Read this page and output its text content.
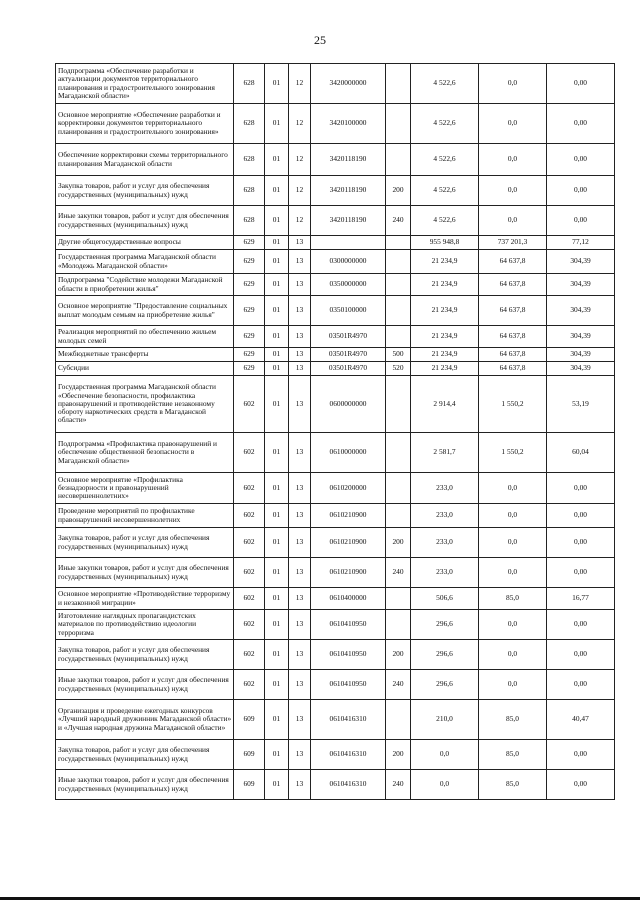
25
Подпрограмма «Обеспечение разработки и актуализации документов территориального планирования и градостроительного зонирования Магаданской области»	628	01	12	3420000000		4 522,6	0,0	0,00
Основное мероприятие «Обеспечение разработки и корректировки документов территориального планирования и градостроительного зонирования»	628	01	12	3420100000		4 522,6	0,0	0,00
Обеспечение корректировки схемы территориального планирования Магаданской области	628	01	12	3420118190		4 522,6	0,0	0,00
Закупка товаров, работ и услуг для обеспечения государственных (муниципальных) нужд	628	01	12	3420118190	200	4 522,6	0,0	0,00
Иные закупки товаров, работ и услуг для обеспечения государственных (муниципальных) нужд	628	01	12	3420118190	240	4 522,6	0,0	0,00
Другие общегосударственные вопросы	629	01	13			955 948,8	737 201,3	77,12
Государственная программа Магаданской области «Молодежь Магаданской области»	629	01	13	0300000000		21 234,9	64 637,8	304,39
Подпрограмма "Содействие молодежи Магаданской области в приобретении жилья"	629	01	13	0350000000		21 234,9	64 637,8	304,39
Основное мероприятие "Предоставление социальных выплат молодым семьям на приобретение жилья"	629	01	13	0350100000		21 234,9	64 637,8	304,39
Реализация мероприятий по обеспечению жильем молодых семей	629	01	13	03501R4970		21 234,9	64 637,8	304,39
Межбюджетные трансферты	629	01	13	03501R4970	500	21 234,9	64 637,8	304,39
Субсидии	629	01	13	03501R4970	520	21 234,9	64 637,8	304,39
Государственная программа Магаданской области «Обеспечение безопасности, профилактика правонарушений и противодействие незаконному обороту наркотических средств в Магаданской области»	602	01	13	0600000000		2 914,4	1 550,2	53,19
Подпрограмма «Профилактика правонарушений и обеспечение общественной безопасности в Магаданской области»	602	01	13	0610000000		2 581,7	1 550,2	60,04
Основное мероприятие «Профилактика безнадзорности и правонарушений несовершеннолетних»	602	01	13	0610200000		233,0	0,0	0,00
Проведение мероприятий по профилактике правонарушений несовершеннолетних	602	01	13	0610210900		233,0	0,0	0,00
Закупка товаров, работ и услуг для обеспечения государственных (муниципальных) нужд	602	01	13	0610210900	200	233,0	0,0	0,00
Иные закупки товаров, работ и услуг для обеспечения государственных (муниципальных) нужд	602	01	13	0610210900	240	233,0	0,0	0,00
Основное мероприятие «Противодействие терроризму и незаконной миграции»	602	01	13	0610400000		506,6	85,0	16,77
Изготовление наглядных пропагандистских материалов по противодействию идеологии терроризма	602	01	13	0610410950		296,6	0,0	0,00
Закупка товаров, работ и услуг для обеспечения государственных (муниципальных) нужд	602	01	13	0610410950	200	296,6	0,0	0,00
Иные закупки товаров, работ и услуг для обеспечения государственных (муниципальных) нужд	602	01	13	0610410950	240	296,6	0,0	0,00
Организация и проведение ежегодных конкурсов «Лучший народный дружинник Магаданской области» и «Лучшая народная дружина Магаданской области»	609	01	13	0610416310		210,0	85,0	40,47
Закупка товаров, работ и услуг для обеспечения государственных (муниципальных) нужд	609	01	13	0610416310	200	0,0	85,0	0,00
Иные закупки товаров, работ и услуг для обеспечения государственных (муниципальных) нужд	609	01	13	0610416310	240	0,0	85,0	0,00
